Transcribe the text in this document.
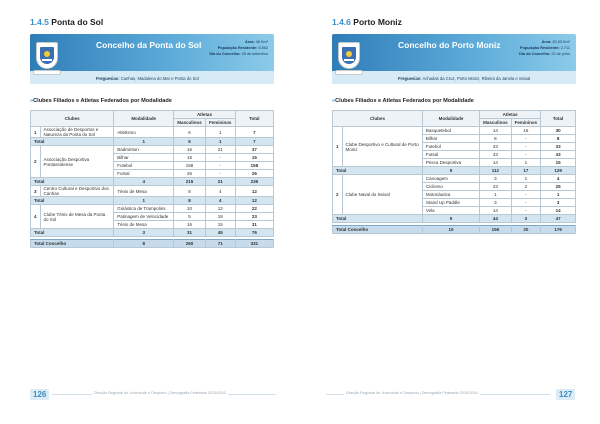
1.4.5 Ponta do Sol
Concelho da Ponta do Sol	Área: 46 Km²
População Residente: 8.862
Dia do Concelho: 28 de setembro
Freguesias: Canhas, Madalena do Mar e Ponta do Sol
»Clubes Filiados e Atletas Federados por Modalidade
Clubes		Modalidade	Atletas		Total
			Masculinos	Femininos	
1	Associação de Desportos e Natureza da Ponta do Sol	Atletismo	6	1	7
Total		1	6	1	7
2	Associação Desportiva Pontassolense	Badminton	16	21	37
		Bilhar	15	-	15
		Futebol	158	-	158
		Futsal	26	-	26
Total		4	215	21	236
3	Centro Cultural e Desportivo dos Canhas	Ténis de Mesa	8	4	12
Total		1	8	4	12
4	Clube Ténis de Mesa da Ponta do Sol	Ginástica de Trampolins	10	12	22
		Patinagem de Velocidade	5	18	23
		Ténis de Mesa	16	15	31
Total		3	31	45	76

Total Concelho		8	260	71	331
126	Direção Regional de Juventude e Desporto | Demografia Federada 2015/2016
1.4.6 Porto Moniz
Concelho do Porto Moniz	Área: 82,93 Km²
População Residente: 2.711
Dia do Concelho: 22 de julho
Freguesias: Achadas da Cruz, Porto Moniz, Ribeira da Janela e Seixal
»Clubes Filiados e Atletas Federados por Modalidade
Clubes		Modalidade	Atletas		Total
			Masculinos	Femininos	
1	Clube Desportivo e Cultural de Porto Moniz	Basquetebol	14	16	30
		Bilhar	8	-	8
		Futebol	33	-	33
		Futsal	43	-	43
		Pesca Desportiva	14	1	15
Total		5	112	17	129
2	Clube Naval do Seixal	Canoagem	3	1	4
		Ciclismo	23	2	25
		Motonáutica	1	-	1
		Stand Up Paddle	3	-	3
		Vela	14	-	14
Total		5	44	3	47

Total Concelho		10	156	20	176
Direção Regional de Juventude e Desporto | Demografia Federada 2015/2016	127
